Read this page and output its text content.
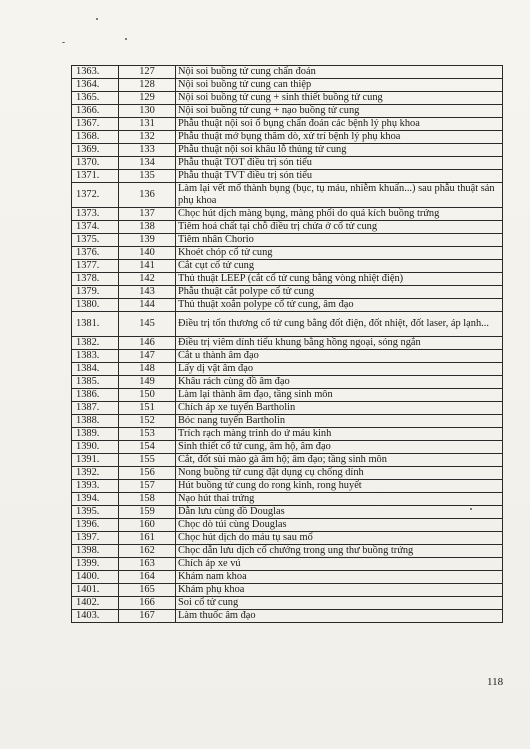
1363.	127	Nội soi buồng tử cung chẩn đoán
1364.	128	Nội soi buồng tử cung can thiệp
1365.	129	Nội soi buồng tử cung + sinh thiết buồng tử cung
1366.	130	Nội soi buồng tử cung + nạo buồng tử cung
1367.	131	Phẫu thuật nội soi ổ bụng chẩn đoán các bệnh lý phụ khoa
1368.	132	Phẫu thuật mở bụng thăm dò, xử trí bệnh lý phụ khoa
1369.	133	Phẫu thuật nội soi khâu lỗ thủng tử cung
1370.	134	Phẫu thuật TOT điều trị són tiểu
1371.	135	Phẫu thuật TVT điều trị són tiểu
1372.	136	Làm lại vết mổ thành bụng (bục, tụ máu, nhiễm khuẩn...) sau phẫu thuật sản phụ khoa
1373.	137	Chọc hút dịch màng bụng, màng phổi do quá kích buồng trứng
1374.	138	Tiêm hoá chất tại chỗ điều trị chửa ở cổ tử cung
1375.	139	Tiêm nhân Chorio
1376.	140	Khoét chóp cổ tử cung
1377.	141	Cắt cụt cổ tử cung
1378.	142	Thủ thuật LEEP (cắt cổ tử cung bằng vòng nhiệt điện)
1379.	143	Phẫu thuật cắt polype cổ tử cung
1380.	144	Thủ thuật xoắn polype cổ tử cung, âm đạo
1381.	145	Điều trị tổn thương cổ tử cung bằng đốt điện, đốt nhiệt, đốt laser, áp lạnh...
1382.	146	Điều trị viêm dính tiểu khung bằng hồng ngoại, sóng ngắn
1383.	147	Cắt u thành âm đạo
1384.	148	Lấy dị vật âm đạo
1385.	149	Khâu rách cùng đồ âm đạo
1386.	150	Làm lại thành âm đạo, tầng sinh môn
1387.	151	Chích áp xe tuyến Bartholin
1388.	152	Bóc nang tuyến Bartholin
1389.	153	Trích rạch màng trinh do ứ máu kinh
1390.	154	Sinh thiết cổ tử cung, âm hộ, âm đạo
1391.	155	Cắt, đốt sùi mào gà âm hộ; âm đạo; tầng sinh môn
1392.	156	Nong buồng tử cung đặt dụng cụ chống dính
1393.	157	Hút buồng tử cung do rong kinh, rong huyết
1394.	158	Nạo hút thai trứng
1395.	159	Dẫn lưu cùng đồ Douglas
1396.	160	Chọc dò túi cùng Douglas
1397.	161	Chọc hút dịch do máu tụ sau mổ
1398.	162	Chọc dẫn lưu dịch cổ chướng trong ung thư buồng trứng
1399.	163	Chích áp xe vú
1400.	164	Khám nam khoa
1401.	165	Khám phụ khoa
1402.	166	Soi cổ tử cung
1403.	167	Làm thuốc âm đạo
118
